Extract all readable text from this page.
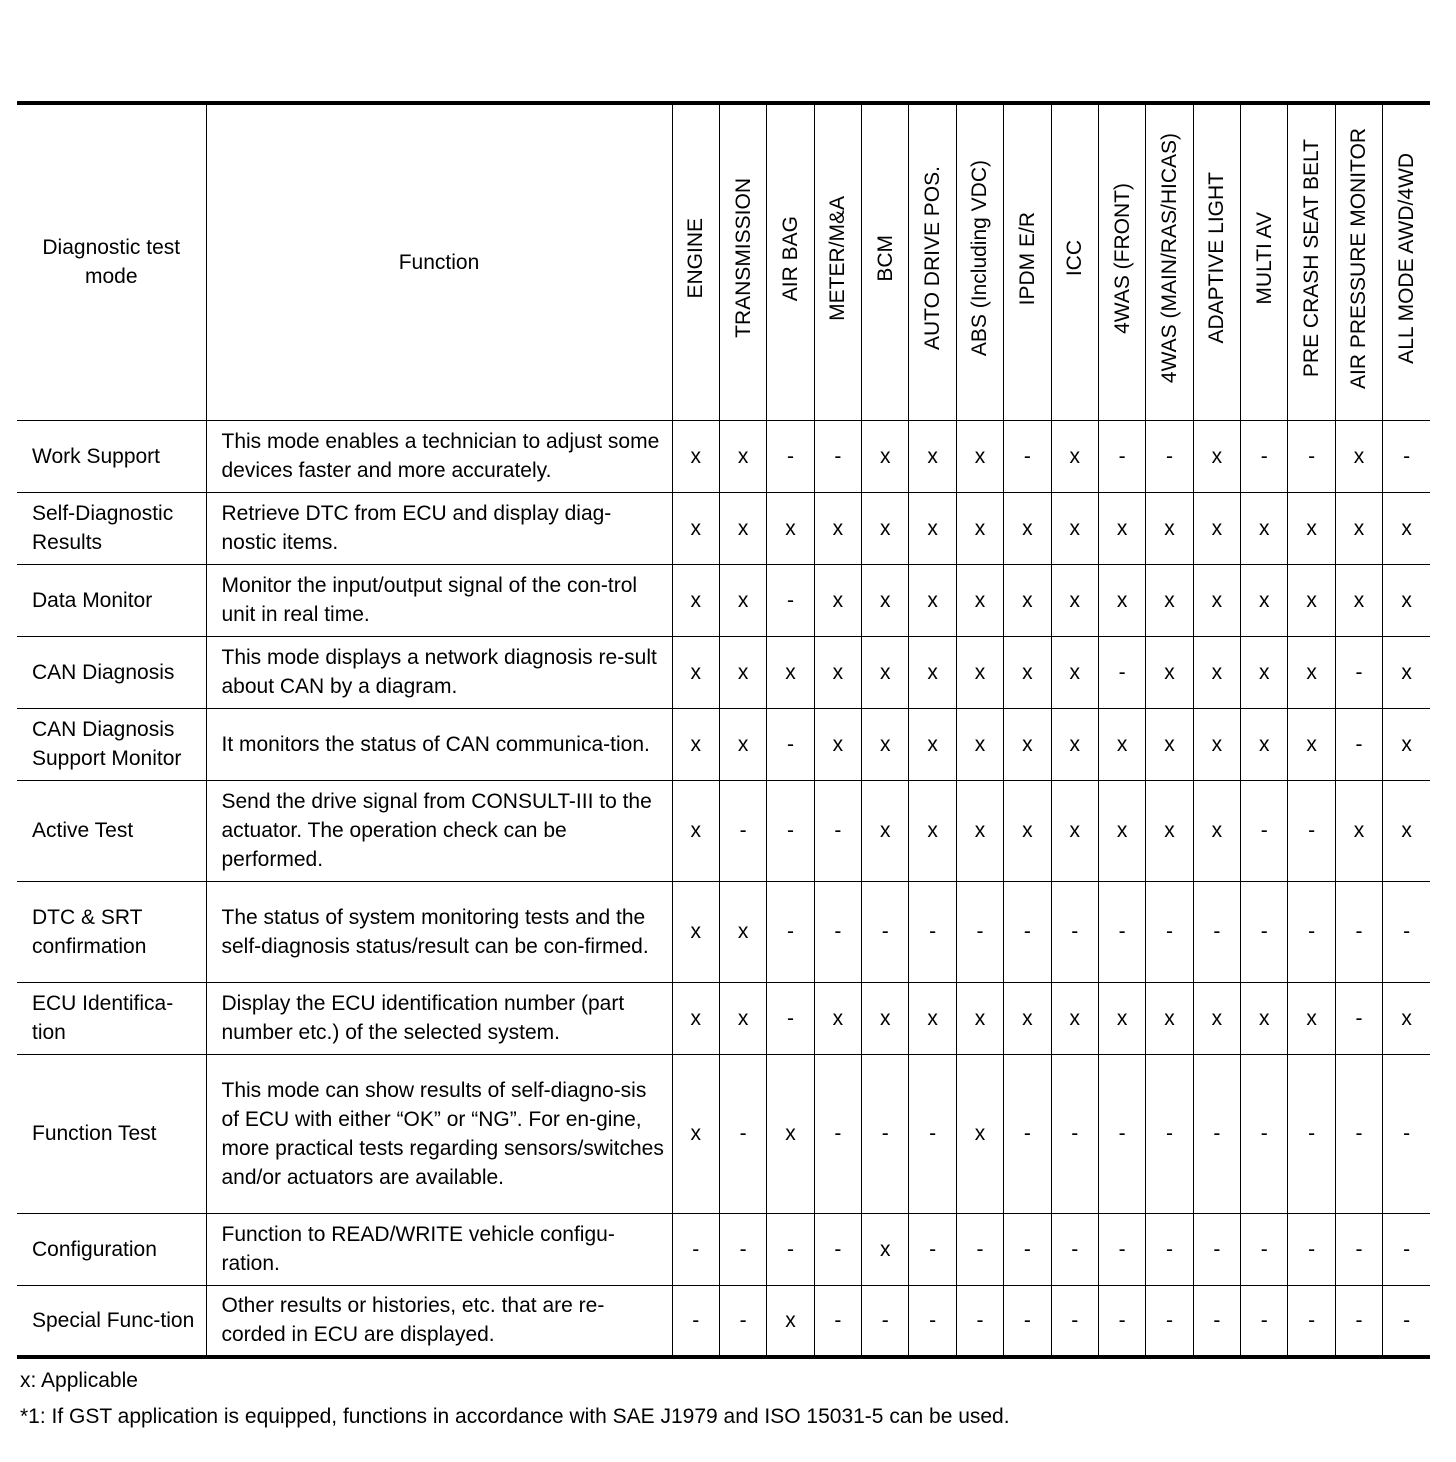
Diagnostic test mode	Function	ENGINE	TRANSMISSION	AIR BAG	METER/M&A	BCM	AUTO DRIVE POS.	ABS (Including VDC)	IPDM E/R	ICC	4WAS (FRONT)	4WAS (MAIN/RAS/HICAS)	ADAPTIVE LIGHT	MULTI AV	PRE CRASH SEAT BELT	AIR PRESSURE MONITOR	ALL MODE AWD/4WD
Work Support	This mode enables a technician to adjust some devices faster and more accurately.	x	x	-	-	x	x	x	-	x	-	-	x	-	-	x	-
Self-Diagnostic Results	Retrieve DTC from ECU and display diag-nostic items.	x	x	x	x	x	x	x	x	x	x	x	x	x	x	x	x
Data Monitor	Monitor the input/output signal of the con-trol unit in real time.	x	x	-	x	x	x	x	x	x	x	x	x	x	x	x	x
CAN Diagnosis	This mode displays a network diagnosis re-sult about CAN by a diagram.	x	x	x	x	x	x	x	x	x	-	x	x	x	x	-	x
CAN Diagnosis Support Monitor	It monitors the status of CAN communica-tion.	x	x	-	x	x	x	x	x	x	x	x	x	x	x	-	x
Active Test	Send the drive signal from CONSULT-III to the actuator. The operation check can be performed.	x	-	-	-	x	x	x	x	x	x	x	x	-	-	x	x
DTC & SRT confirmation	The status of system monitoring tests and the self-diagnosis status/result can be con-firmed.	x	x	-	-	-	-	-	-	-	-	-	-	-	-	-	-
ECU Identifica-tion	Display the ECU identification number (part number etc.) of the selected system.	x	x	-	x	x	x	x	x	x	x	x	x	x	x	-	x
Function Test	This mode can show results of self-diagno-sis of ECU with either “OK” or “NG”. For en-gine, more practical tests regarding sensors/switches and/or actuators are available.	x	-	x	-	-	-	x	-	-	-	-	-	-	-	-	-
Configuration	Function to READ/WRITE vehicle configu-ration.	-	-	-	-	x	-	-	-	-	-	-	-	-	-	-	-
Special Func-tion	Other results or histories, etc. that are re-corded in ECU are displayed.	-	-	x	-	-	-	-	-	-	-	-	-	-	-	-	-
x: Applicable
*1: If GST application is equipped, functions in accordance with SAE J1979 and ISO 15031-5 can be used.
